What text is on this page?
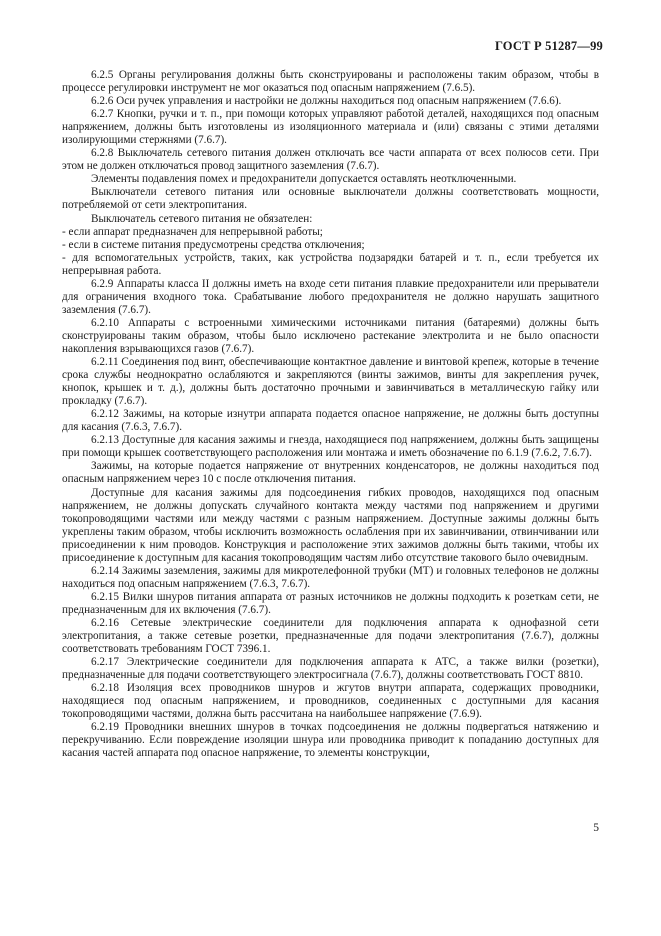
ГОСТ Р 51287—99

6.2.5 Органы регулирования должны быть сконструированы и расположены таким образом, чтобы в процессе регулировки инструмент не мог оказаться под опасным напряжением (7.6.5).

6.2.6 Оси ручек управления и настройки не должны находиться под опасным напряжением (7.6.6).

6.2.7 Кнопки, ручки и т. п., при помощи которых управляют работой деталей, находящихся под опасным напряжением, должны быть изготовлены из изоляционного материала и (или) связаны с этими деталями изолирующими стержнями (7.6.7).

6.2.8 Выключатель сетевого питания должен отключать все части аппарата от всех полюсов сети. При этом не должен отключаться провод защитного заземления (7.6.7).

Элементы подавления помех и предохранители допускается оставлять неотключенными.

Выключатели сетевого питания или основные выключатели должны соответствовать мощности, потребляемой от сети электропитания.

Выключатель сетевого питания не обязателен:

- если аппарат предназначен для непрерывной работы;

- если в системе питания предусмотрены средства отключения;

- для вспомогательных устройств, таких, как устройства подзарядки батарей и т. п., если требуется их непрерывная работа.

6.2.9 Аппараты класса II должны иметь на входе сети питания плавкие предохранители или прерыватели для ограничения входного тока. Срабатывание любого предохранителя не должно нарушать защитного заземления (7.6.7).

6.2.10 Аппараты с встроенными химическими источниками питания (батареями) должны быть сконструированы таким образом, чтобы было исключено растекание электролита и не было опасности накопления взрывающихся газов (7.6.7).

6.2.11 Соединения под винт, обеспечивающие контактное давление и винтовой крепеж, которые в течение срока службы неоднократно ослабляются и закрепляются (винты зажимов, винты для закрепления ручек, кнопок, крышек и т. д.), должны быть достаточно прочными и завинчиваться в металлическую гайку или прокладку (7.6.7).

6.2.12 Зажимы, на которые изнутри аппарата подается опасное напряжение, не должны быть доступны для касания (7.6.3, 7.6.7).

6.2.13 Доступные для касания зажимы и гнезда, находящиеся под напряжением, должны быть защищены при помощи крышек соответствующего расположения или монтажа и иметь обозначение по 6.1.9 (7.6.2, 7.6.7).

Зажимы, на которые подается напряжение от внутренних конденсаторов, не должны находиться под опасным напряжением через 10 с после отключения питания.

Доступные для касания зажимы для подсоединения гибких проводов, находящихся под опасным напряжением, не должны допускать случайного контакта между частями под напряжением и другими токопроводящими частями или между частями с разным напряжением. Доступные зажимы должны быть укреплены таким образом, чтобы исключить возможность ослабления при их завинчивании, отвинчивании или присоединении к ним проводов. Конструкция и расположение этих зажимов должны быть такими, чтобы их присоединение к доступным для касания токопроводящим частям либо отсутствие такового было очевидным.

6.2.14 Зажимы заземления, зажимы для микротелефонной трубки (МТ) и головных телефонов не должны находиться под опасным напряжением (7.6.3, 7.6.7).

6.2.15 Вилки шнуров питания аппарата от разных источников не должны подходить к розеткам сети, не предназначенным для их включения (7.6.7).

6.2.16 Сетевые электрические соединители для подключения аппарата к однофазной сети электропитания, а также сетевые розетки, предназначенные для подачи электропитания (7.6.7), должны соответствовать требованиям ГОСТ 7396.1.

6.2.17 Электрические соединители для подключения аппарата к АТС, а также вилки (розетки), предназначенные для подачи соответствующего электросигнала (7.6.7), должны соответствовать ГОСТ 8810.

6.2.18 Изоляция всех проводников шнуров и жгутов внутри аппарата, содержащих проводники, находящиеся под опасным напряжением, и проводников, соединенных с доступными для касания токопроводящими частями, должна быть рассчитана на наибольшее напряжение (7.6.9).

6.2.19 Проводники внешних шнуров в точках подсоединения не должны подвергаться натяжению и перекручиванию. Если повреждение изоляции шнура или проводника приводит к попаданию доступных для касания частей аппарата под опасное напряжение, то элементы конструкции,

5
